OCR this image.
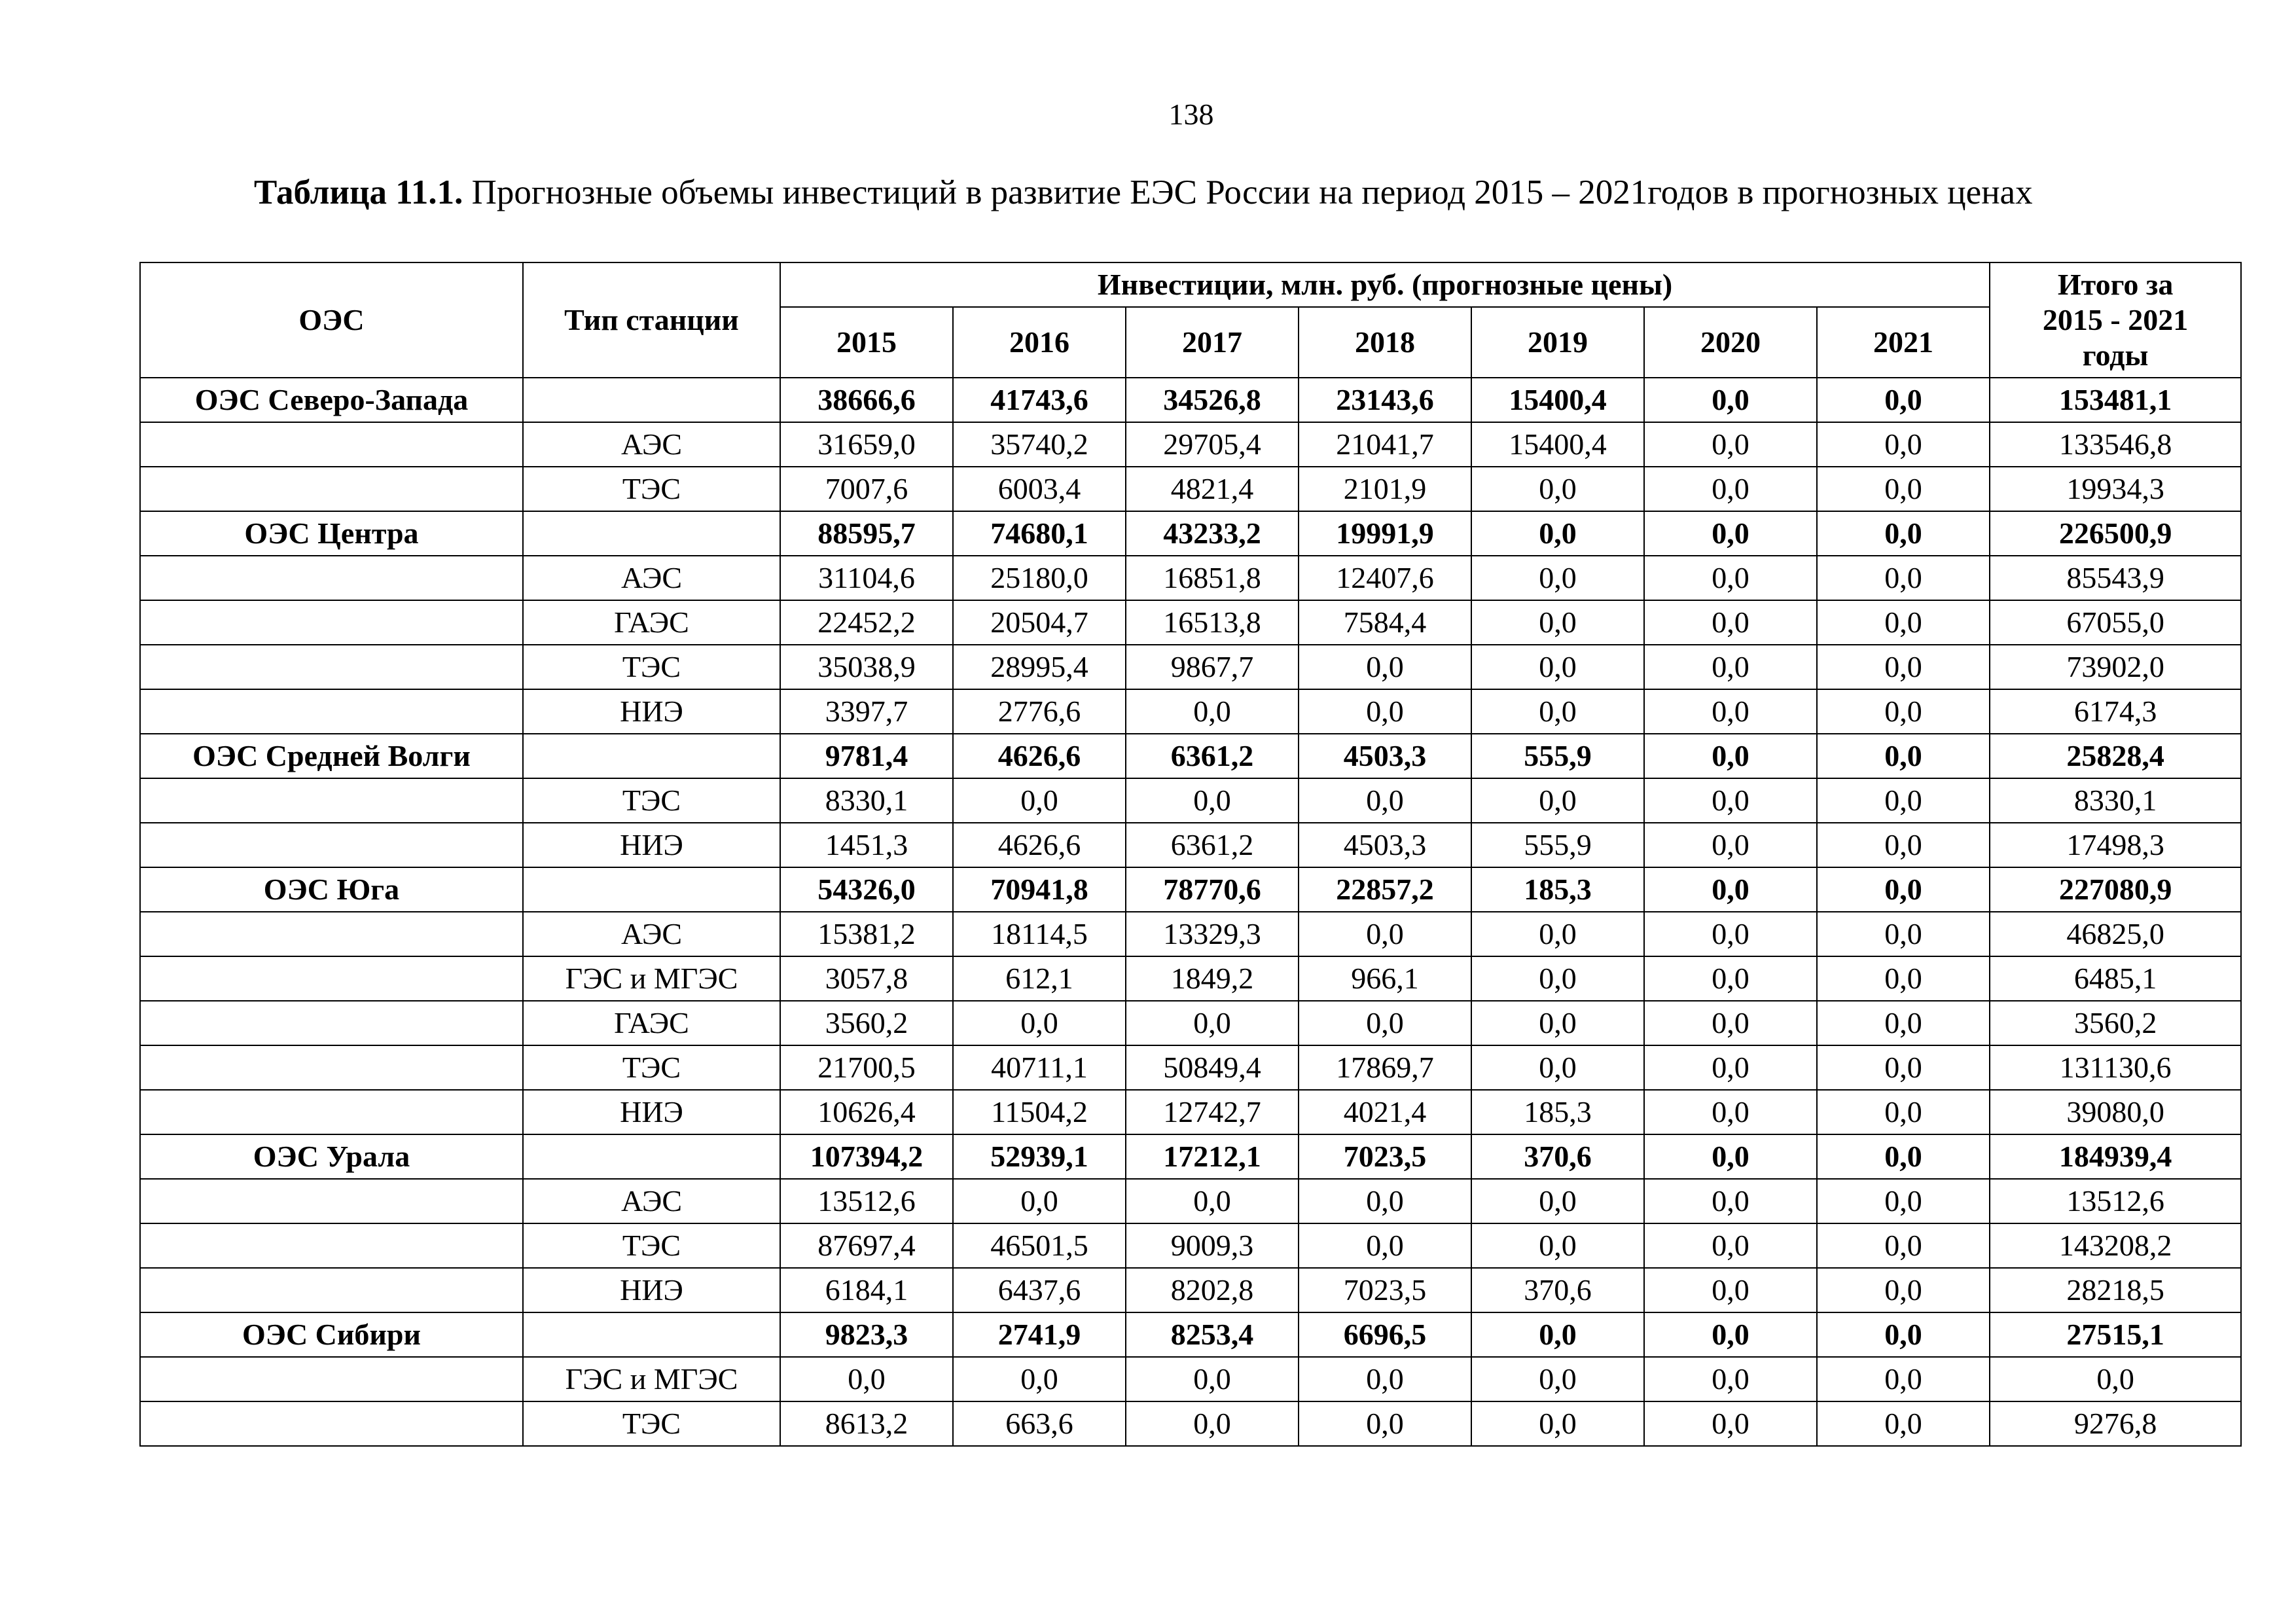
138
Таблица 11.1. Прогнозные объемы инвестиций в развитие ЕЭС России на период 2015 – 2021годов в прогнозных ценах
ОЭС	Тип станции	Инвестиции, млн. руб. (прогнозные цены)							Итого за
2015 - 2021
годы
		2015	2016	2017	2018	2019	2020	2021	
ОЭС Северо-Запада		38666,6	41743,6	34526,8	23143,6	15400,4	0,0	0,0	153481,1
	АЭС	31659,0	35740,2	29705,4	21041,7	15400,4	0,0	0,0	133546,8
	ТЭС	7007,6	6003,4	4821,4	2101,9	0,0	0,0	0,0	19934,3
ОЭС Центра		88595,7	74680,1	43233,2	19991,9	0,0	0,0	0,0	226500,9
	АЭС	31104,6	25180,0	16851,8	12407,6	0,0	0,0	0,0	85543,9
	ГАЭС	22452,2	20504,7	16513,8	7584,4	0,0	0,0	0,0	67055,0
	ТЭС	35038,9	28995,4	9867,7	0,0	0,0	0,0	0,0	73902,0
	НИЭ	3397,7	2776,6	0,0	0,0	0,0	0,0	0,0	6174,3
ОЭС Средней Волги		9781,4	4626,6	6361,2	4503,3	555,9	0,0	0,0	25828,4
	ТЭС	8330,1	0,0	0,0	0,0	0,0	0,0	0,0	8330,1
	НИЭ	1451,3	4626,6	6361,2	4503,3	555,9	0,0	0,0	17498,3
ОЭС Юга		54326,0	70941,8	78770,6	22857,2	185,3	0,0	0,0	227080,9
	АЭС	15381,2	18114,5	13329,3	0,0	0,0	0,0	0,0	46825,0
	ГЭС и МГЭС	3057,8	612,1	1849,2	966,1	0,0	0,0	0,0	6485,1
	ГАЭС	3560,2	0,0	0,0	0,0	0,0	0,0	0,0	3560,2
	ТЭС	21700,5	40711,1	50849,4	17869,7	0,0	0,0	0,0	131130,6
	НИЭ	10626,4	11504,2	12742,7	4021,4	185,3	0,0	0,0	39080,0
ОЭС Урала		107394,2	52939,1	17212,1	7023,5	370,6	0,0	0,0	184939,4
	АЭС	13512,6	0,0	0,0	0,0	0,0	0,0	0,0	13512,6
	ТЭС	87697,4	46501,5	9009,3	0,0	0,0	0,0	0,0	143208,2
	НИЭ	6184,1	6437,6	8202,8	7023,5	370,6	0,0	0,0	28218,5
ОЭС Сибири		9823,3	2741,9	8253,4	6696,5	0,0	0,0	0,0	27515,1
	ГЭС и МГЭС	0,0	0,0	0,0	0,0	0,0	0,0	0,0	0,0
	ТЭС	8613,2	663,6	0,0	0,0	0,0	0,0	0,0	9276,8
